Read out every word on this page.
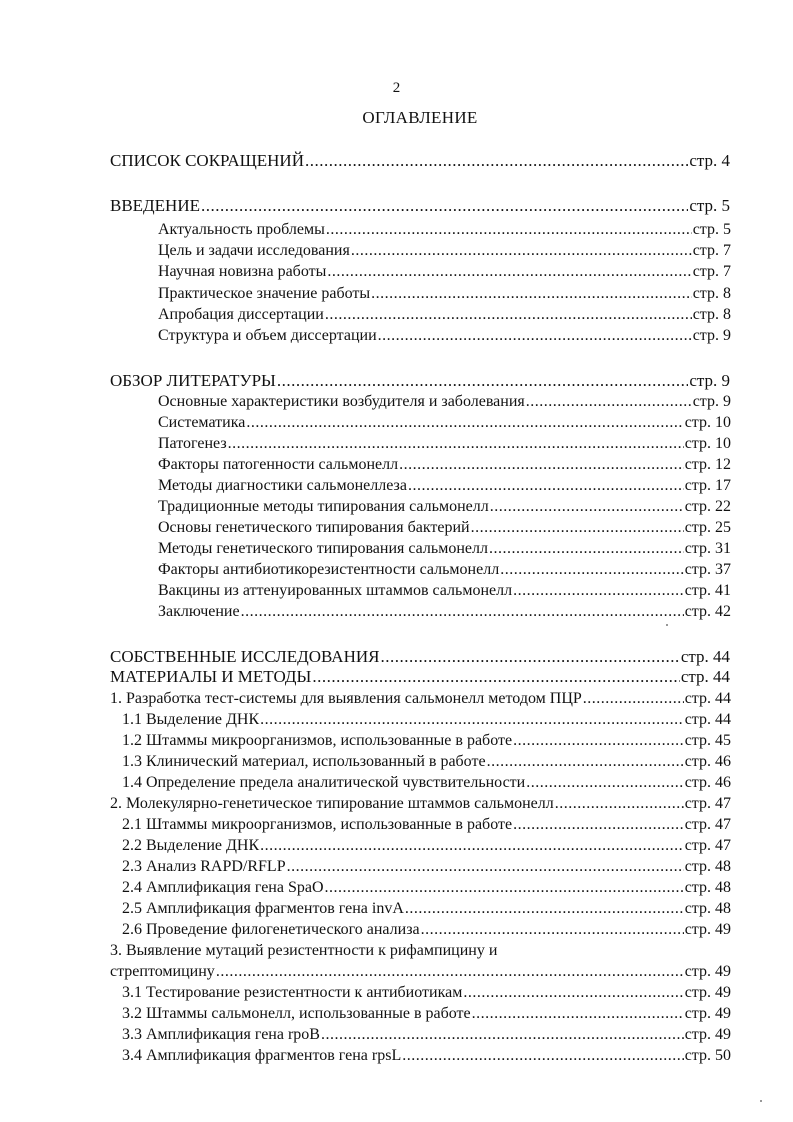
2
ОГЛАВЛЕНИЕ
СПИСОК СОКРАЩЕНИЙ .....	стр. 4
ВВЕДЕНИЕ .....	стр. 5
Актуальность проблемы .....	стр. 5
Цель и задачи исследования .....	стр. 7
Научная новизна работы .....	стр. 7
Практическое значение работы .....	стр. 8
Апробация диссертации .....	стр. 8
Структура и объем диссертации .....	стр. 9
ОБЗОР ЛИТЕРАТУРЫ .....	стр. 9
Основные характеристики возбудителя и заболевания .....	стр. 9
Систематика .....	стр. 10
Патогенез .....	стр. 10
Факторы патогенности сальмонелл .....	стр. 12
Методы диагностики сальмонеллеза .....	стр. 17
Традиционные методы типирования сальмонелл .....	стр. 22
Основы генетического типирования бактерий .....	стр. 25
Методы генетического типирования сальмонелл .....	стр. 31
Факторы антибиотикорезистентности сальмонелл .....	стр. 37
Вакцины из аттенуированных штаммов сальмонелл .....	стр. 41
Заключение .....	стр. 42
СОБСТВЕННЫЕ ИССЛЕДОВАНИЯ .....	стр. 44
МАТЕРИАЛЫ И МЕТОДЫ .....	стр. 44
1. Разработка тест-системы для выявления сальмонелл методом ПЦР .....	стр. 44
1.1 Выделение ДНК .....	стр. 44
1.2 Штаммы микроорганизмов, использованные в работе .....	стр. 45
1.3 Клинический материал, использованный в работе .....	стр. 46
1.4 Определение предела аналитической чувствительности .....	стр. 46
2. Молекулярно-генетическое типирование штаммов сальмонелл .....	стр. 47
2.1 Штаммы микроорганизмов, использованные в работе .....	стр. 47
2.2 Выделение ДНК .....	стр. 47
2.3 Анализ RAPD/RFLP .....	стр. 48
2.4 Амплификация гена SpaO .....	стр. 48
2.5 Амплификация фрагментов гена invA .....	стр. 48
2.6 Проведение филогенетического анализа .....	стр. 49
3. Выявление мутаций резистентности к рифампицину и
стрептомицину .....	стр. 49
3.1 Тестирование резистентности к антибиотикам .....	стр. 49
3.2 Штаммы сальмонелл, использованные в работе .....	стр. 49
3.3 Амплификация гена rpoB .....	стр. 49
3.4 Амплификация фрагментов гена rpsL .....	стр. 50
